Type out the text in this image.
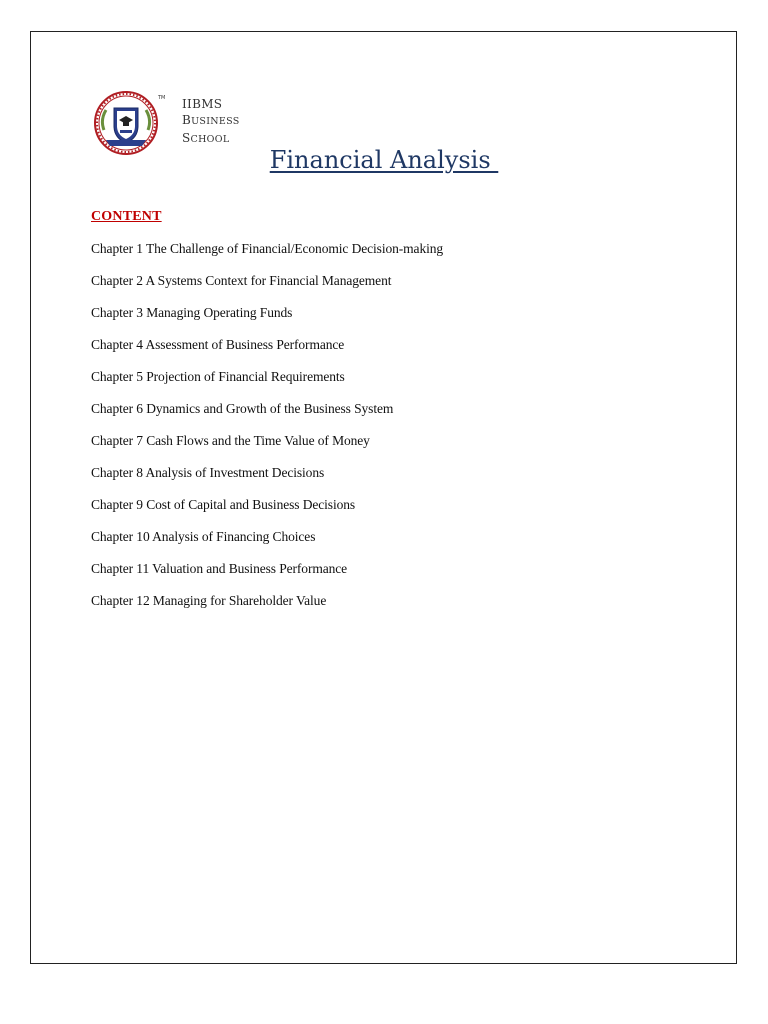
TM IIBMS
BUSINESS
SCHOOL
Financial Analysis
CONTENT
Chapter 1 The Challenge of Financial/Economic Decision-making
Chapter 2 A Systems Context for Financial Management
Chapter 3 Managing Operating Funds
Chapter 4 Assessment of Business Performance
Chapter 5 Projection of Financial Requirements
Chapter 6 Dynamics and Growth of the Business System
Chapter 7 Cash Flows and the Time Value of Money
Chapter 8 Analysis of Investment Decisions
Chapter 9 Cost of Capital and Business Decisions
Chapter 10 Analysis of Financing Choices
Chapter 11 Valuation and Business Performance
Chapter 12 Managing for Shareholder Value
